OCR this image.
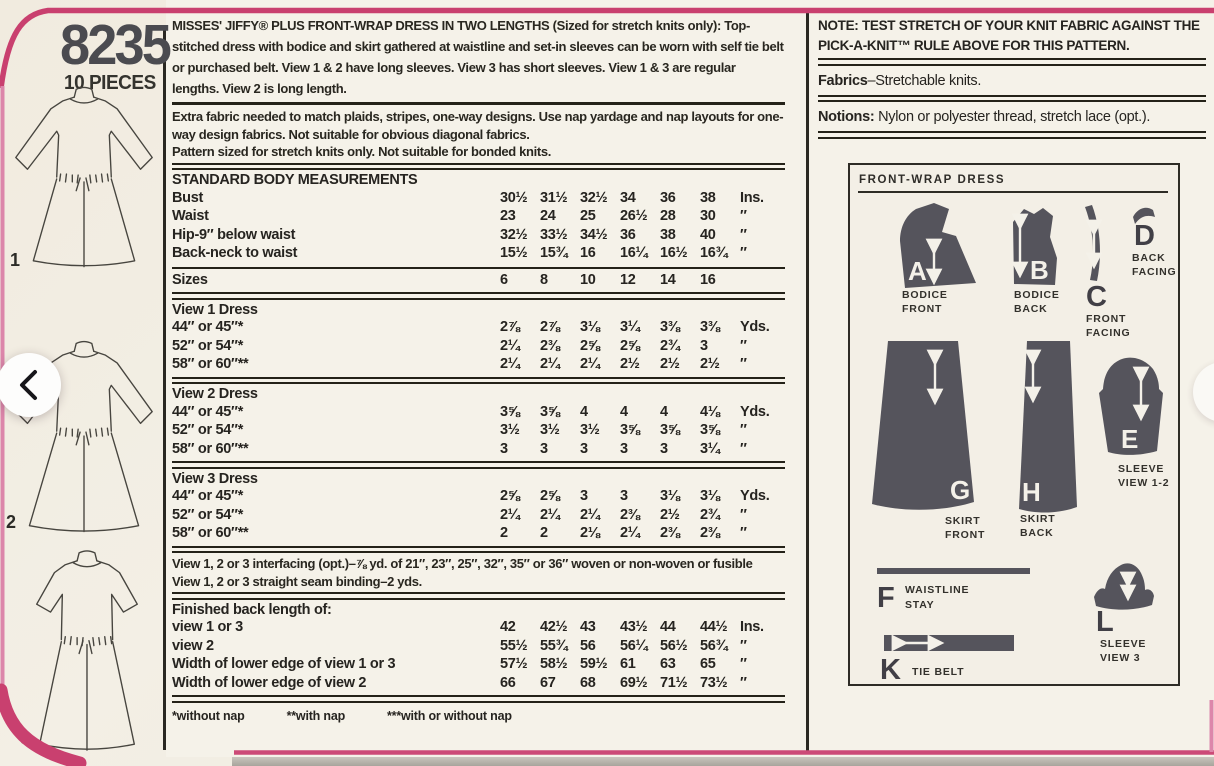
8235
10 PIECES
1
2
3
MISSES' JIFFY® PLUS FRONT-WRAP DRESS IN TWO LENGTHS (Sized for stretch knits only): Top-stitched dress with bodice and skirt gathered at waistline and set-in sleeves can be worn with self tie belt or purchased belt. View 1 & 2 have long sleeves. View 3 has short sleeves. View 1 & 3 are regular lengths. View 2 is long length.
Extra fabric needed to match plaids, stripes, one-way designs. Use nap yardage and nap layouts for one-way design fabrics. Not suitable for obvious diagonal fabrics.
Pattern sized for stretch knits only. Not suitable for bonded knits.
STANDARD BODY MEASUREMENTS
Bust	30½ 31½ 32½ 34	36	38	Ins.
Waist	23	24	25	26½ 28	30	″
Hip-9″ below waist	32½ 33½ 34½ 36	38	40	″
Back-neck to waist	15½ 15¾ 16	16¼ 16½ 16¾ ″
Sizes	6	8	10	12	14	16
View 1 Dress
44″ or 45″*	2⅞	2⅞	3⅛	3¼	3⅜	3⅜	Yds.
52″ or 54″*	2¼	2⅜	2⅝	2⅝	2¾	3	″
58″ or 60″**	2¼	2¼	2¼	2½	2½	2½	″
View 2 Dress
44″ or 45″*	3⅝	3⅝	4	4	4	4⅛	Yds.
52″ or 54″*	3½	3½	3½	3⅝	3⅝	3⅝	″
58″ or 60″**	3	3	3	3	3	3¼	″
View 3 Dress
44″ or 45″*	2⅝	2⅝	3	3	3⅛	3⅛	Yds.
52″ or 54″*	2¼	2¼	2¼	2⅜	2½	2¾	″
58″ or 60″**	2	2	2⅛	2¼	2⅜	2⅜	″
View 1, 2 or 3 interfacing (opt.)–⅞ yd. of 21″, 23″, 25″, 32″, 35″ or 36″ woven or non-woven or fusible
View 1, 2 or 3 straight seam binding–2 yds.
Finished back length of:
view 1 or 3	42	42½ 43	43½ 44	44½ Ins.
view 2	55½ 55¾ 56	56¼ 56½ 56¾ ″
Width of lower edge of view 1 or 3	57½ 58½ 59½ 61	63	65	″
Width of lower edge of view 2	66	67	68	69½ 71½ 73½ ″
*without nap	**with nap	***with or without nap
NOTE: TEST STRETCH OF YOUR KNIT FABRIC AGAINST THE PICK-A-KNIT™ RULE ABOVE FOR THIS PATTERN.
Fabrics–Stretchable knits.
Notions: Nylon or polyester thread, stretch lace (opt.).
FRONT-WRAP DRESS
A
BODICE
FRONT
B
BODICE
BACK C
FRONT
FACING
D
BACK
FACING
G
SKIRT
FRONT
H
SKIRT
BACK
E
SLEEVE
VIEW 1-2
F WAISTLINE
STAY
K TIE BELT
L
SLEEVE
VIEW 3
